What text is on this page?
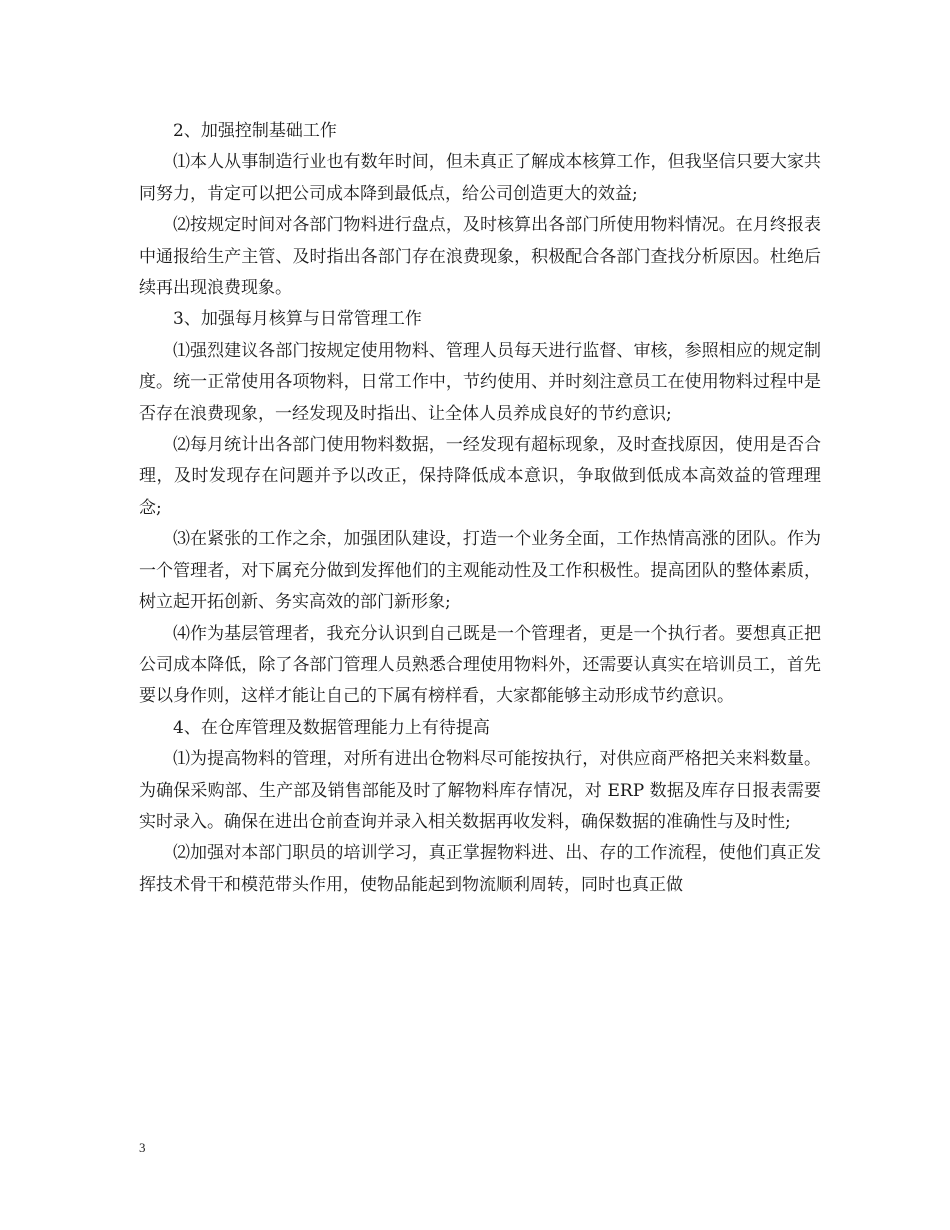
2、加强控制基础工作

⑴本人从事制造行业也有数年时间，但未真正了解成本核算工作，但我坚信只要大家共同努力，肯定可以把公司成本降到最低点，给公司创造更大的效益;

⑵按规定时间对各部门物料进行盘点，及时核算出各部门所使用物料情况。在月终报表中通报给生产主管、及时指出各部门存在浪费现象，积极配合各部门查找分析原因。杜绝后续再出现浪费现象。

3、加强每月核算与日常管理工作

⑴强烈建议各部门按规定使用物料、管理人员每天进行监督、审核，参照相应的规定制度。统一正常使用各项物料，日常工作中，节约使用、并时刻注意员工在使用物料过程中是否存在浪费现象，一经发现及时指出、让全体人员养成良好的节约意识;

⑵每月统计出各部门使用物料数据，一经发现有超标现象，及时查找原因，使用是否合理，及时发现存在问题并予以改正，保持降低成本意识，争取做到低成本高效益的管理理念;

⑶在紧张的工作之余，加强团队建设，打造一个业务全面，工作热情高涨的团队。作为一个管理者，对下属充分做到发挥他们的主观能动性及工作积极性。提高团队的整体素质，树立起开拓创新、务实高效的部门新形象;

⑷作为基层管理者，我充分认识到自己既是一个管理者，更是一个执行者。要想真正把公司成本降低，除了各部门管理人员熟悉合理使用物料外，还需要认真实在培训员工，首先要以身作则，这样才能让自己的下属有榜样看，大家都能够主动形成节约意识。

4、在仓库管理及数据管理能力上有待提高

⑴为提高物料的管理，对所有进出仓物料尽可能按执行，对供应商严格把关来料数量。为确保采购部、生产部及销售部能及时了解物料库存情况，对 ERP 数据及库存日报表需要实时录入。确保在进出仓前查询并录入相关数据再收发料，确保数据的准确性与及时性;

⑵加强对本部门职员的培训学习，真正掌握物料进、出、存的工作流程，使他们真正发挥技术骨干和模范带头作用，使物品能起到物流顺利周转，同时也真正做

3
